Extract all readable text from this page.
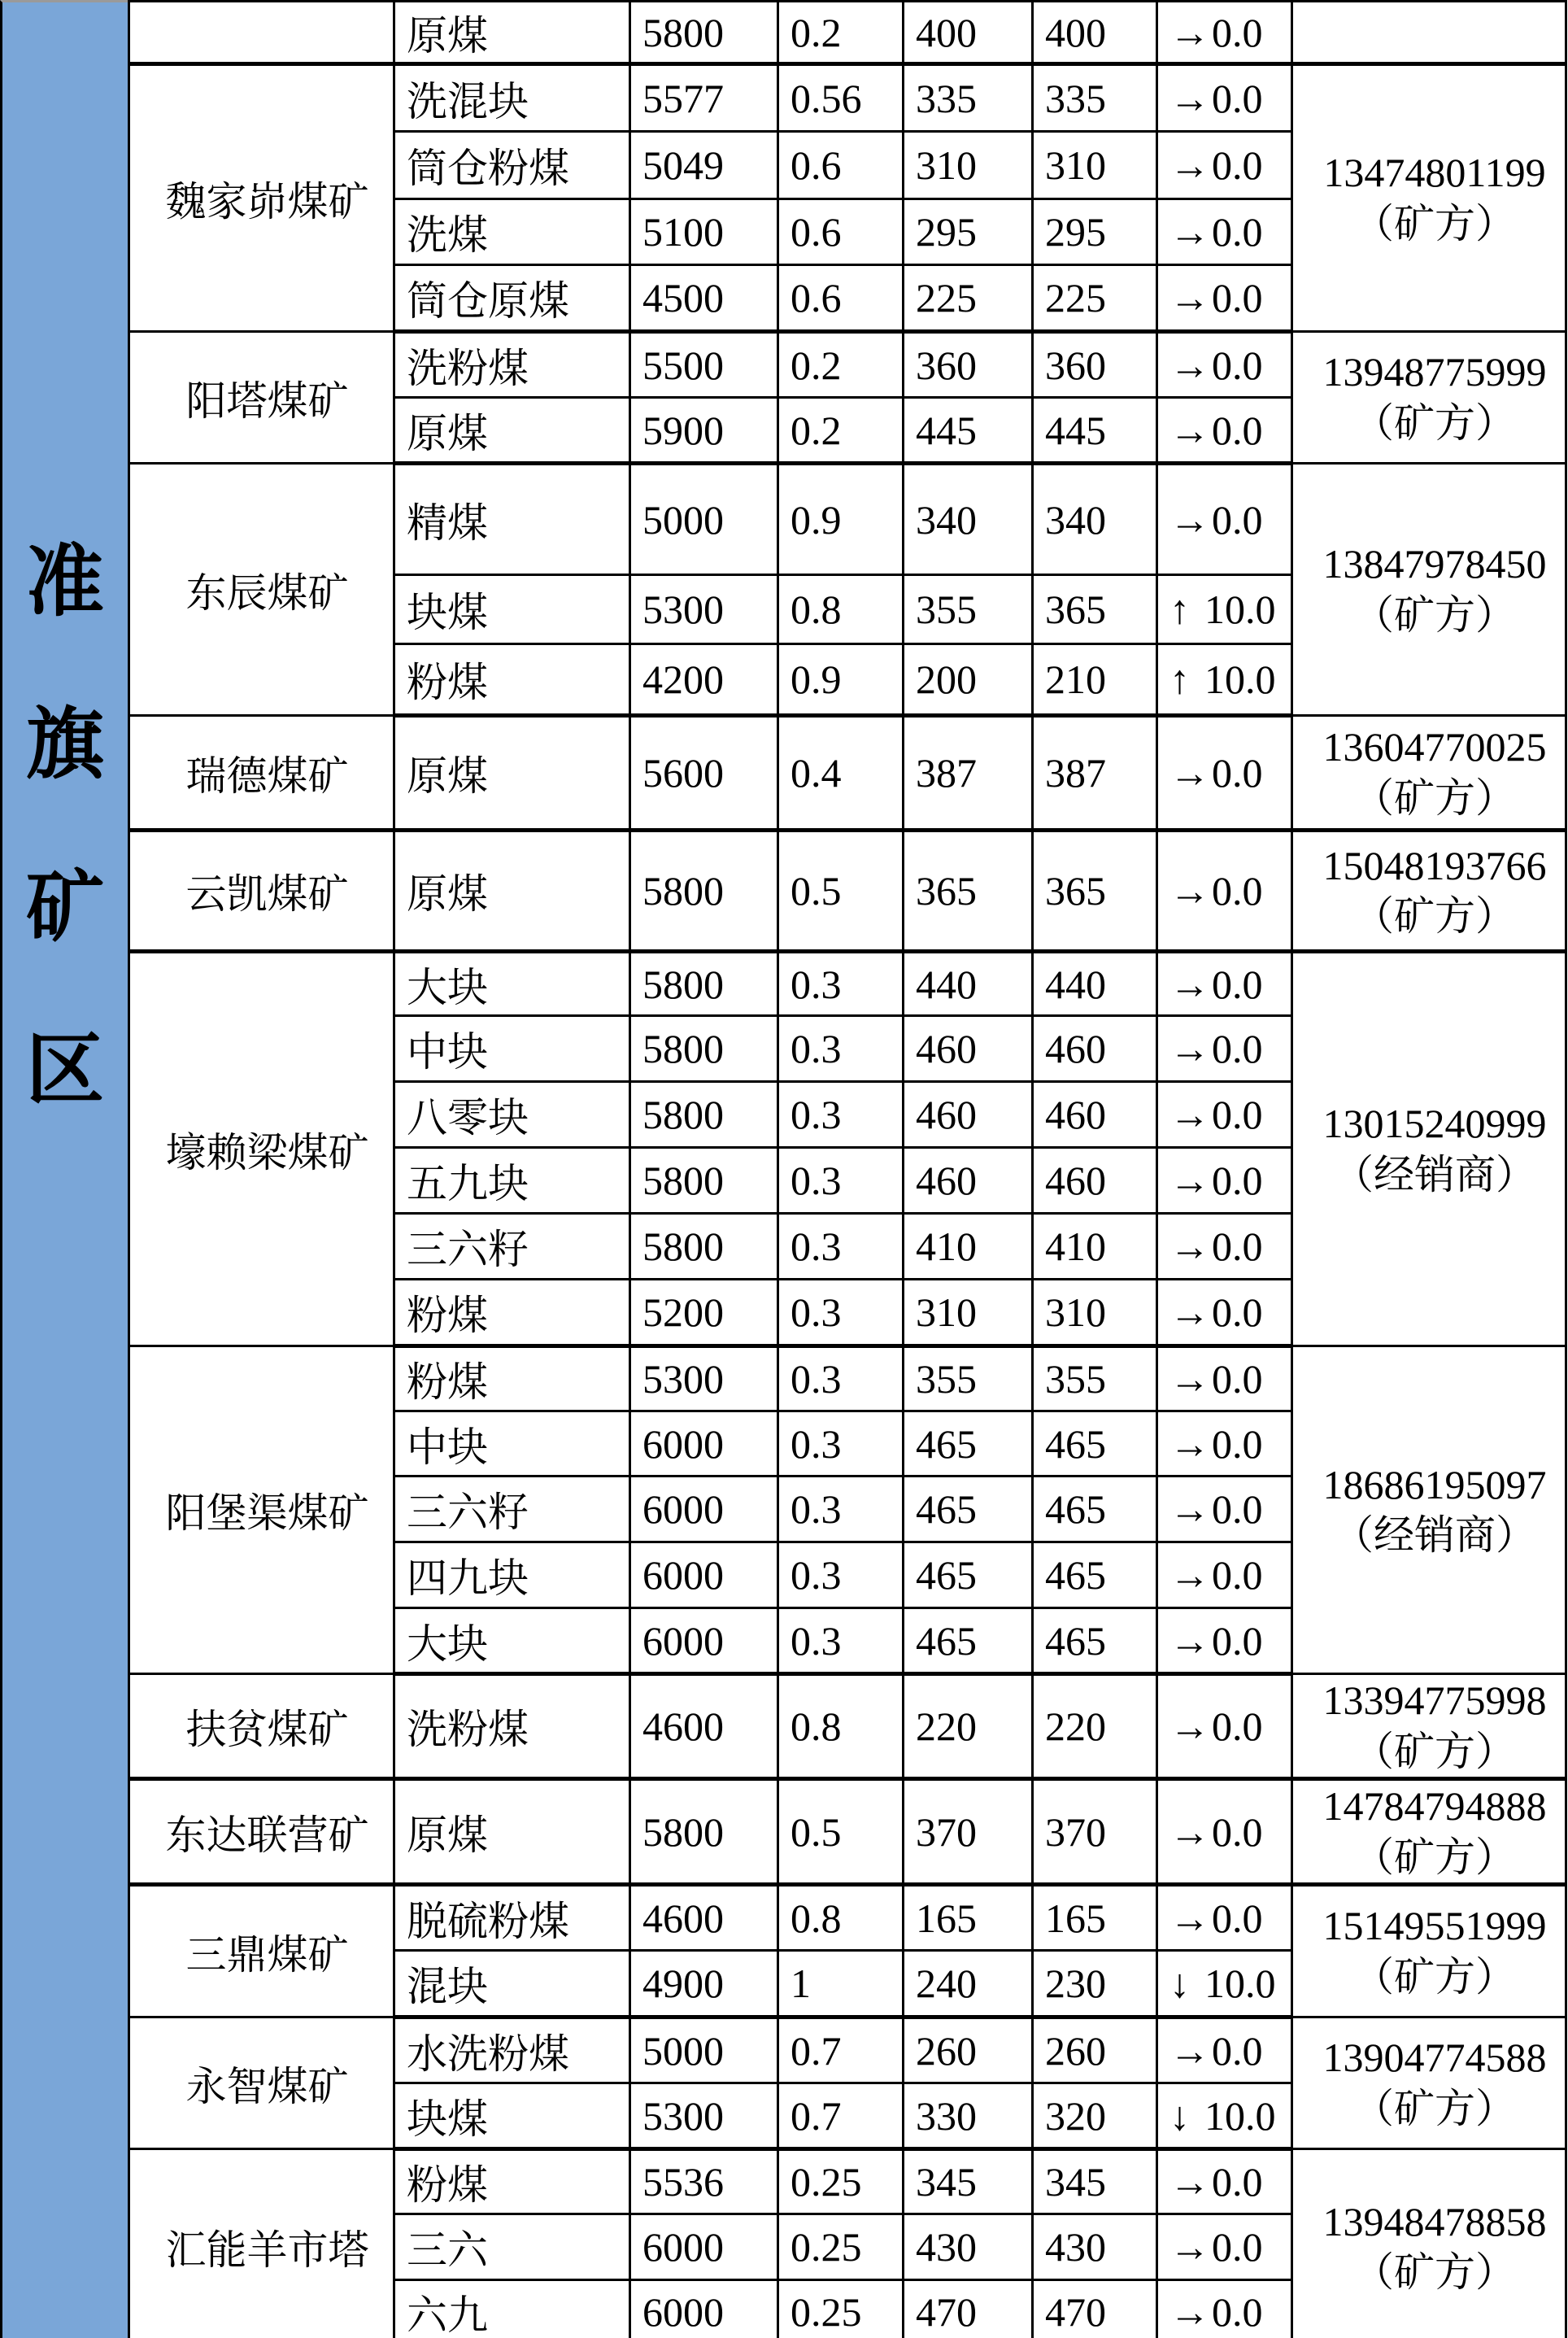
准
旗
矿
区
	原煤	5800	0.2	400	400	→0.0	
魏家峁煤矿	洗混块	5577	0.56	335	335	→0.0	13474801199
（矿方）

	筒仓粉煤	5049	0.6	310	310	→0.0	
	洗煤	5100	0.6	295	295	→0.0	
	筒仓原煤	4500	0.6	225	225	→0.0	
阳塔煤矿	洗粉煤	5500	0.2	360	360	→0.0	13948775999
（矿方）

	原煤	5900	0.2	445	445	→0.0	
东辰煤矿	精煤	5000	0.9	340	340	→0.0	13847978450
（矿方）

	块煤	5300	0.8	355	365	↑ 10.0	
	粉煤	4200	0.9	200	210	↑ 10.0	
瑞德煤矿	原煤	5600	0.4	387	387	→0.0	13604770025
（矿方）

云凯煤矿	原煤	5800	0.5	365	365	→0.0	15048193766
（矿方）

壕赖梁煤矿	大块	5800	0.3	440	440	→0.0	13015240999
（经销商）

	中块	5800	0.3	460	460	→0.0	
	八零块	5800	0.3	460	460	→0.0	
	五九块	5800	0.3	460	460	→0.0	
	三六籽	5800	0.3	410	410	→0.0	
	粉煤	5200	0.3	310	310	→0.0	
阳堡渠煤矿	粉煤	5300	0.3	355	355	→0.0	18686195097
（经销商）

	中块	6000	0.3	465	465	→0.0	
	三六籽	6000	0.3	465	465	→0.0	
	四九块	6000	0.3	465	465	→0.0	
	大块	6000	0.3	465	465	→0.0	
扶贫煤矿	洗粉煤	4600	0.8	220	220	→0.0	13394775998
（矿方）

东达联营矿	原煤	5800	0.5	370	370	→0.0	14784794888
（矿方）

三鼎煤矿	脱硫粉煤	4600	0.8	165	165	→0.0	15149551999
（矿方）

	混块	4900	1	240	230	↓ 10.0	
永智煤矿	水洗粉煤	5000	0.7	260	260	→0.0	13904774588
（矿方）

	块煤	5300	0.7	330	320	↓ 10.0	
汇能羊市塔	粉煤	5536	0.25	345	345	→0.0	13948478858
（矿方）

	三六	6000	0.25	430	430	→0.0	
	六九	6000	0.25	470	470	→0.0	
